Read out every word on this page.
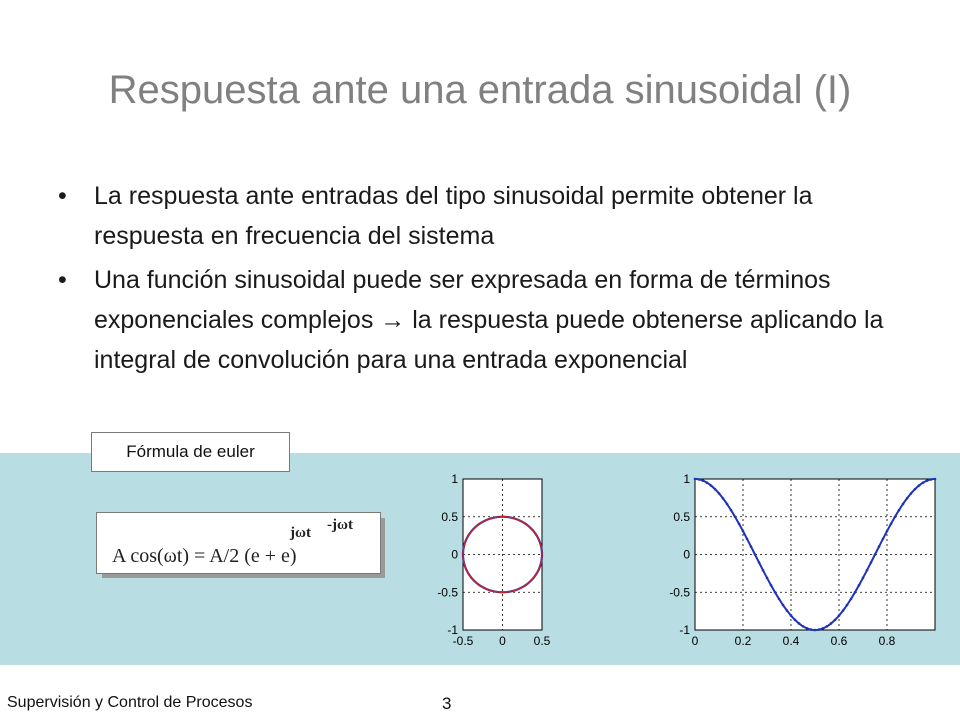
Respuesta ante una entrada sinusoidal (I)
• La respuesta ante entradas del tipo sinusoidal permite obtener la respuesta en frecuencia del sistema
• Una función sinusoidal puede ser expresada en forma de términos exponenciales complejos → la respuesta puede obtenerse aplicando la integral de convolución para una entrada exponencial
Fórmula de euler
jωt -jωt
A cos(ωt) = A/2 (e + e)
-0.5 0 0.5
1
0.5
0
-0.5
-1
0	0.2	0.4	0.6	0.8
1
0.5
0
-0.5
-1
Supervisión y Control de Procesos	3
